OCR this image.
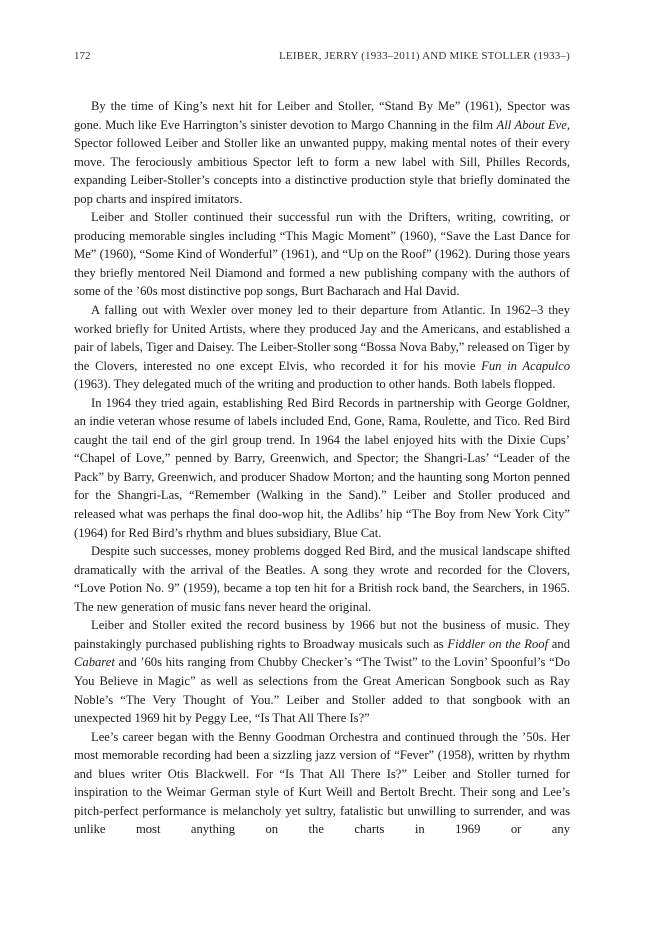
172	LEIBER, JERRY (1933–2011) AND MIKE STOLLER (1933–)

By the time of King’s next hit for Leiber and Stoller, “Stand By Me” (1961), Spector was gone. Much like Eve Harrington’s sinister devotion to Margo Channing in the film All About Eve, Spector followed Leiber and Stoller like an unwanted puppy, making mental notes of their every move. The ferociously ambitious Spector left to form a new label with Sill, Philles Records, expanding Leiber-Stoller’s concepts into a distinctive production style that briefly dominated the pop charts and inspired imitators.

Leiber and Stoller continued their successful run with the Drifters, writing, cowriting, or producing memorable singles including “This Magic Moment” (1960), “Save the Last Dance for Me” (1960), “Some Kind of Wonderful” (1961), and “Up on the Roof” (1962). During those years they briefly mentored Neil Diamond and formed a new publishing company with the authors of some of the ’60s most distinctive pop songs, Burt Bacharach and Hal David.

A falling out with Wexler over money led to their departure from Atlantic. In 1962–3 they worked briefly for United Artists, where they produced Jay and the Americans, and established a pair of labels, Tiger and Daisey. The Leiber-Stoller song “Bossa Nova Baby,” released on Tiger by the Clovers, interested no one except Elvis, who recorded it for his movie Fun in Acapulco (1963). They delegated much of the writing and production to other hands. Both labels flopped.

In 1964 they tried again, establishing Red Bird Records in partnership with George Goldner, an indie veteran whose resume of labels included End, Gone, Rama, Roulette, and Tico. Red Bird caught the tail end of the girl group trend. In 1964 the label enjoyed hits with the Dixie Cups’ “Chapel of Love,” penned by Barry, Greenwich, and Spector; the Shangri-Las’ “Leader of the Pack” by Barry, Greenwich, and producer Shadow Morton; and the haunting song Morton penned for the Shangri-Las, “Remember (Walking in the Sand).” Leiber and Stoller produced and released what was perhaps the final doo-wop hit, the Adlibs’ hip “The Boy from New York City” (1964) for Red Bird’s rhythm and blues subsidiary, Blue Cat.

Despite such successes, money problems dogged Red Bird, and the musical landscape shifted dramatically with the arrival of the Beatles. A song they wrote and recorded for the Clovers, “Love Potion No. 9” (1959), became a top ten hit for a British rock band, the Searchers, in 1965. The new generation of music fans never heard the original.

Leiber and Stoller exited the record business by 1966 but not the business of music. They painstakingly purchased publishing rights to Broadway musicals such as Fiddler on the Roof and Cabaret and ’60s hits ranging from Chubby Checker’s “The Twist” to the Lovin’ Spoonful’s “Do You Believe in Magic” as well as selections from the Great American Songbook such as Ray Noble’s “The Very Thought of You.” Leiber and Stoller added to that songbook with an unexpected 1969 hit by Peggy Lee, “Is That All There Is?”

Lee’s career began with the Benny Goodman Orchestra and continued through the ’50s. Her most memorable recording had been a sizzling jazz version of “Fever” (1958), written by rhythm and blues writer Otis Blackwell. For “Is That All There Is?” Leiber and Stoller turned for inspiration to the Weimar German style of Kurt Weill and Bertolt Brecht. Their song and Lee’s pitch-perfect performance is melancholy yet sultry, fatalistic but unwilling to surrender, and was unlike most anything on the charts in 1969 or any
